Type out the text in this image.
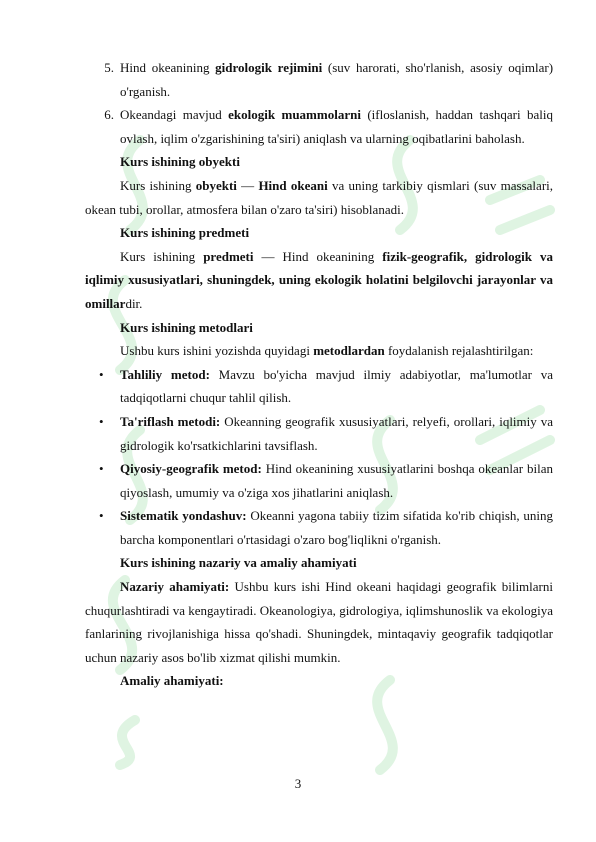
5. Hind okeanining gidrologik rejimini (suv harorati, sho'rlanish, asosiy oqimlar) o'rganish.
6. Okeandagi mavjud ekologik muammolarni (ifloslanish, haddan tashqari baliq ovlash, iqlim o'zgarishining ta'siri) aniqlash va ularning oqibatlarini baholash.

Kurs ishining obyekti

Kurs ishining obyekti — Hind okeani va uning tarkibiy qismlari (suv massalari, okean tubi, orollar, atmosfera bilan o'zaro ta'siri) hisoblanadi.

Kurs ishining predmeti

Kurs ishining predmeti — Hind okeanining fizik-geografik, gidrologik va iqlimiy xususiyatlari, shuningdek, uning ekologik holatini belgilovchi jarayonlar va omillardir.

Kurs ishining metodlari

Ushbu kurs ishini yozishda quyidagi metodlardan foydalanish rejalashtirilgan:

•	Tahliliy metod: Mavzu bo'yicha mavjud ilmiy adabiyotlar, ma'lumotlar va tadqiqotlarni chuqur tahlil qilish.
•	Ta'riflash metodi: Okeanning geografik xususiyatlari, relyefi, orollari, iqlimiy va gidrologik ko'rsatkichlarini tavsiflash.
•	Qiyosiy-geografik metod: Hind okeanining xususiyatlarini boshqa okeanlar bilan qiyoslash, umumiy va o'ziga xos jihatlarini aniqlash.
•	Sistematik yondashuv: Okeanni yagona tabiiy tizim sifatida ko'rib chiqish, uning barcha komponentlari o'rtasidagi o'zaro bog'liqlikni o'rganish.

Kurs ishining nazariy va amaliy ahamiyati

Nazariy ahamiyati: Ushbu kurs ishi Hind okeani haqidagi geografik bilimlarni chuqurlashtiradi va kengaytiradi. Okeanologiya, gidrologiya, iqlimshunoslik va ekologiya fanlarining rivojlanishiga hissa qo'shadi. Shuningdek, mintaqaviy geografik tadqiqotlar uchun nazariy asos bo'lib xizmat qilishi mumkin.

Amaliy ahamiyati:

3
